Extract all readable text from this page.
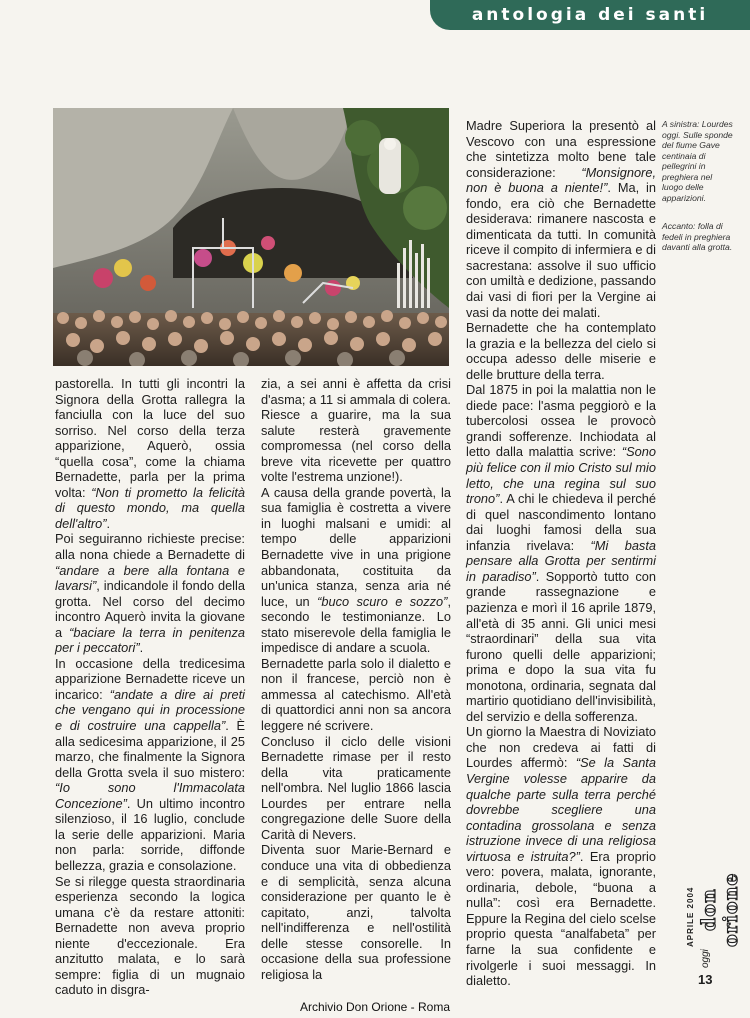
antologia dei santi

pastorella. In tutti gli incontri la Signora della Grotta rallegra la fanciulla con la luce del suo sorriso. Nel corso della terza apparizione, Aquerò, ossia “quella cosa”, come la chiama Bernadette, parla per la prima volta: “Non ti prometto la felicità di questo mondo, ma quella dell'altro”.

Poi seguiranno richieste precise: alla nona chiede a Bernadette di “andare a bere alla fontana e lavarsi”, indicandole il fondo della grotta. Nel corso del decimo incontro Aquerò invita la giovane a “baciare la terra in penitenza per i peccatori”.

In occasione della tredicesima apparizione Bernadette riceve un incarico: “andate a dire ai preti che vengano qui in processione e di costruire una cappella”. È alla sedicesima apparizione, il 25 marzo, che finalmente la Signora della Grotta svela il suo mistero: “Io sono l'Immacolata Concezione”. Un ultimo incontro silenzioso, il 16 luglio, conclude la serie delle apparizioni. Maria non parla: sorride, diffonde bellezza, grazia e consolazione.

Se si rilegge questa straordinaria esperienza secondo la logica umana c'è da restare attoniti: Bernadette non aveva proprio niente d'eccezionale. Era anzitutto malata, e lo sarà sempre: figlia di un mugnaio caduto in disgra-

zia, a sei anni è affetta da crisi d'asma; a 11 si ammala di colera. Riesce a guarire, ma la sua salute resterà gravemente compromessa (nel corso della breve vita ricevette per quattro volte l'estrema unzione!).

A causa della grande povertà, la sua famiglia è costretta a vivere in luoghi malsani e umidi: al tempo delle apparizioni Bernadette vive in una prigione abbandonata, costituita da un'unica stanza, senza aria né luce, un “buco scuro e sozzo”, secondo le testimonianze. Lo stato miserevole della famiglia le impedisce di andare a scuola.

Bernadette parla solo il dialetto e non il francese, perciò non è ammessa al catechismo. All'età di quattordici anni non sa ancora leggere né scrivere.

Concluso il ciclo delle visioni Bernadette rimase per il resto della vita praticamente nell'ombra. Nel luglio 1866 lascia Lourdes per entrare nella congregazione delle Suore della Carità di Nevers.

Diventa suor Marie-Bernard e conduce una vita di obbedienza e di semplicità, senza alcuna considerazione per quanto le è capitato, anzi, talvolta nell'indifferenza e nell'ostilità delle stesse consorelle. In occasione della sua professione religiosa la

Madre Superiora la presentò al Vescovo con una espressione che sintetizza molto bene tale considerazione: “Monsignore, non è buona a niente!”. Ma, in fondo, era ciò che Bernadette desiderava: rimanere nascosta e dimenticata da tutti. In comunità riceve il compito di infermiera e di sacrestana: assolve il suo ufficio con umiltà e dedizione, passando dai vasi di fiori per la Vergine ai vasi da notte dei malati.

Bernadette che ha contemplato la grazia e la bellezza del cielo si occupa adesso delle miserie e delle brutture della terra.

Dal 1875 in poi la malattia non le diede pace: l'asma peggiorò e la tubercolosi ossea le provocò grandi sofferenze. Inchiodata al letto dalla malattia scrive: “Sono più felice con il mio Cristo sul mio letto, che una regina sul suo trono”. A chi le chiedeva il perché di quel nascondimento lontano dai luoghi famosi della sua infanzia rivelava: “Mi basta pensare alla Grotta per sentirmi in paradiso”. Sopportò tutto con grande rassegnazione e pazienza e morì il 16 aprile 1879, all'età di 35 anni. Gli unici mesi “straordinari” della sua vita furono quelli delle apparizioni; prima e dopo la sua vita fu monotona, ordinaria, segnata dal martirio quotidiano dell'invisibilità, del servizio e della sofferenza.

Un giorno la Maestra di Noviziato che non credeva ai fatti di Lourdes affermò: “Se la Santa Vergine volesse apparire da qualche parte sulla terra perché dovrebbe scegliere una contadina grossolana e senza istruzione invece di una religiosa virtuosa e istruita?”. Era proprio vero: povera, malata, ignorante, ordinaria, debole, “buona a nulla”: così era Bernadette. Eppure la Regina del cielo scelse proprio questa “analfabeta” per farne la sua confidente e rivolgerle i suoi messaggi. In dialetto.

A sinistra: Lourdes oggi. Sulle sponde del fiume Gave centinaia di pellegrini in preghiera nel luogo delle apparizioni.
Accanto: folla di fedeli in preghiera davanti alla grotta.
APRILE 2004 don orione
oggi
13
Archivio Don Orione - Roma
